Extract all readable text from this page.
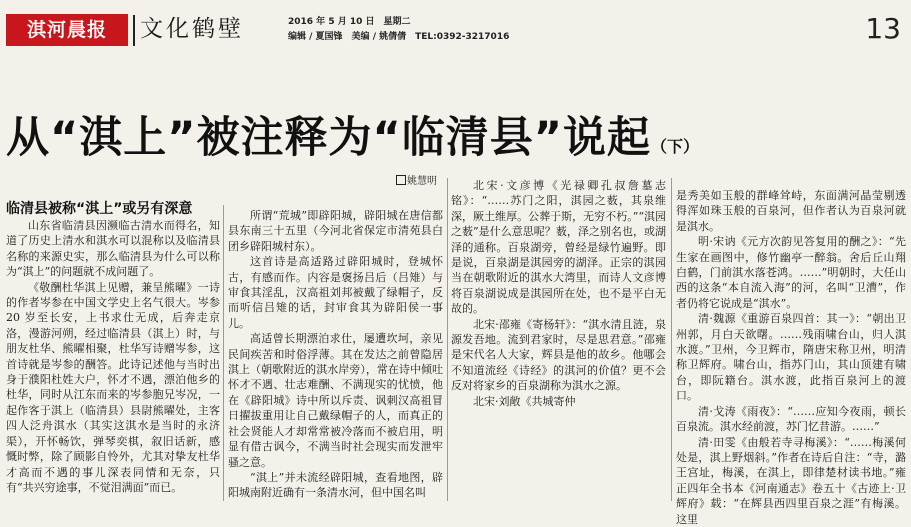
淇河晨报	文化鹤壁	2016 年 5 月 10 日　星期二
编辑 / 夏国锋　美编 / 姚倩倩　TEL:0392-3217016	13
从“淇上”被注释为“临清县”说起（下）
姚慧明
临清县被称“淇上”或另有深意

山东省临清县因濒临古清水而得名，知道了历史上清水和淇水可以混称以及临清县名称的来源史实，那么临清县为什么可以称为“淇上”的问题就不成问题了。

《敬酬杜华淇上见赠，兼呈熊曜》一诗的作者岑参在中国文学史上名气很大。岑参 20 岁至长安，上书求仕无成，后奔走京洛，漫游河朔，经过临清县（淇上）时，与朋友杜华、熊曜相聚，杜华写诗赠岑参，这首诗就是岑参的酬答。此诗记述他与当时出身于濮阳杜姓大户，怀才不遇，漂泊他乡的杜华，同时从江东而来的岑参胞兄岑况，一起作客于淇上（临清县）县尉熊曜处，主客四人泛舟淇水（其实这淇水是当时的永济渠），开怀畅饮，弹琴奕棋，叙旧话新，感慨时弊，除了顾影自怜外，尤其对挚友杜华才高而不遇的事儿深表同情和无奈，只有“共兴穷途事，不觉泪满面”而已。

所谓“荒城”即辟阳城，辟阳城在唐信都县东南三十五里（今河北省保定市清苑县白团乡辟阳城村东）。

这首诗是高适路过辟阳城时，登城怀古，有感而作。内容是褒扬吕后（吕雉）与审食其淫乱，汉高祖刘邦被戴了绿帽子，反而听信吕雉的话，封审食其为辟阳侯一事儿。

高适曾长期漂泊求仕，屡遭坎坷，亲见民间疾苦和时俗浮薄。其在发达之前曾隐居淇上（朝歌附近的淇水岸旁），常在诗中倾吐怀才不遇、壮志难酬、不满现实的忧愤，他在《辟阳城》诗中所以斥责、讽刺汉高祖冒日擢拔重用让自己戴绿帽子的人，而真正的社会贤能人才却常常被冷落而不被启用，明显有借古讽今，不满当时社会现实而发泄牢骚之意。

“淇上”并未流经辟阳城，查看地图，辟阳城南附近确有一条清水河，但中国名叫

北宋·文彦博《光禄卿孔叔詹墓志铭》：“……苏门之阳，淇园之薮，其泉维深，厥土维厚。公葬于斯，无穷不朽。”“淇园之薮”是什么意思呢？薮，泽之别名也，或湖泽的通称。百泉湖旁，曾经是绿竹遍野。即是说，百泉湖是淇园旁的湖泽。正宗的淇园当在朝歌附近的淇水大湾里，而诗人文彦博将百泉湖说成是淇园所在处，也不是平白无故的。

北宋·邵雍《寄杨轩》：“淇水清且涟，泉源发吾地。流到君家时，尽是思君意。”邵雍是宋代名人大家，辉县是他的故乡。他哪会不知道流经《诗经》的淇河的价值？更不会反对将家乡的百泉湖称为淇水之源。

北宋·刘敞《共城寄仲

是秀美如玉般的群峰耸峙，东面满河晶莹剔透得浑如珠玉般的百泉河，但作者认为百泉河就是淇水。

明·宋讷《元方次韵见答复用的酬之》：“先生家在画图中，修竹幽亭一醉翁。舍后丘山翔白鹤，门前淇水落苍鸿。……”明朝时，大任山西的这条“本自流入海”的河，名叫“卫漕”，作者仍将它说成是“淇水”。

清·魏源《重游百泉四首：其一》：“朝出卫州郭，月白天欲曙。……残雨啸台山，归人淇水渡。”卫州，今卫辉市，隋唐宋称卫州，明清称卫辉府。啸台山，指苏门山，其山顶建有啸台，即阮籍台。淇水渡，此指百泉河上的渡口。

清·戈涛《雨夜》：“……应知今夜雨，顿长百泉流。淇水经前渡，苏门忆昔游。……”

清·田雯《由般若寺寻梅溪》：“……梅溪何处是，淇上野烟斜。”作者在诗后自注：“寺，潞王宫址，梅溪，在淇上，即律楚材读书地。”雍正四年全书本《河南通志》卷五十《古迹上·卫辉府》载：“在辉县西四里百泉之涯”有梅溪。这里
